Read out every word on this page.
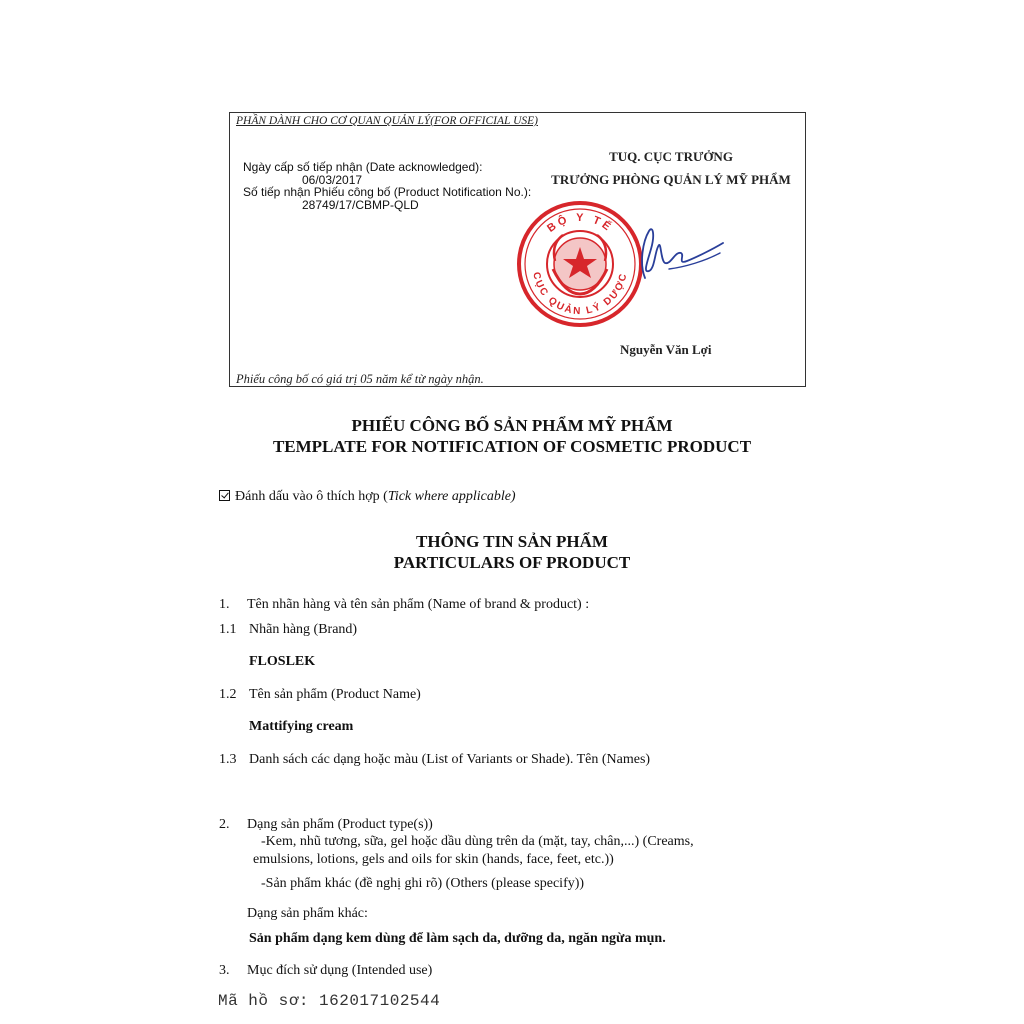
PHẦN DÀNH CHO CƠ QUAN QUẢN LÝ(FOR OFFICIAL USE)
Ngày cấp số tiếp nhận (Date acknowledged):
06/03/2017
Số tiếp nhận Phiếu công bố (Product Notification No.):
28749/17/CBMP-QLD
TUQ. CỤC TRƯỞNG
TRƯỞNG PHÒNG QUẢN LÝ MỸ PHẨM
BỘ Y TẾ
CỤC QUẢN LÝ DƯỢC
Nguyễn Văn Lợi
Phiếu công bố có giá trị 05 năm kể từ ngày nhận.
PHIẾU CÔNG BỐ SẢN PHẨM MỸ PHẨM
TEMPLATE FOR NOTIFICATION OF COSMETIC PRODUCT
Đánh dấu vào ô thích hợp (Tick where applicable)
THÔNG TIN SẢN PHẨM
PARTICULARS OF PRODUCT
1. Tên nhãn hàng và tên sản phẩm (Name of brand & product) :
1.1 Nhãn hàng (Brand)
FLOSLEK
1.2 Tên sản phẩm (Product Name)
Mattifying cream
1.3 Danh sách các dạng hoặc màu (List of Variants or Shade). Tên (Names)
2. Dạng sản phẩm (Product type(s))
-Kem, nhũ tương, sữa, gel hoặc dầu dùng trên da (mặt, tay, chân,...) (Creams,
emulsions, lotions, gels and oils for skin (hands, face, feet, etc.))
-Sản phẩm khác (đề nghị ghi rõ) (Others (please specify))
Dạng sản phẩm khác:
Sản phẩm dạng kem dùng để làm sạch da, dưỡng da, ngăn ngừa mụn.
3. Mục đích sử dụng (Intended use)
Mã hồ sơ: 162017102544
